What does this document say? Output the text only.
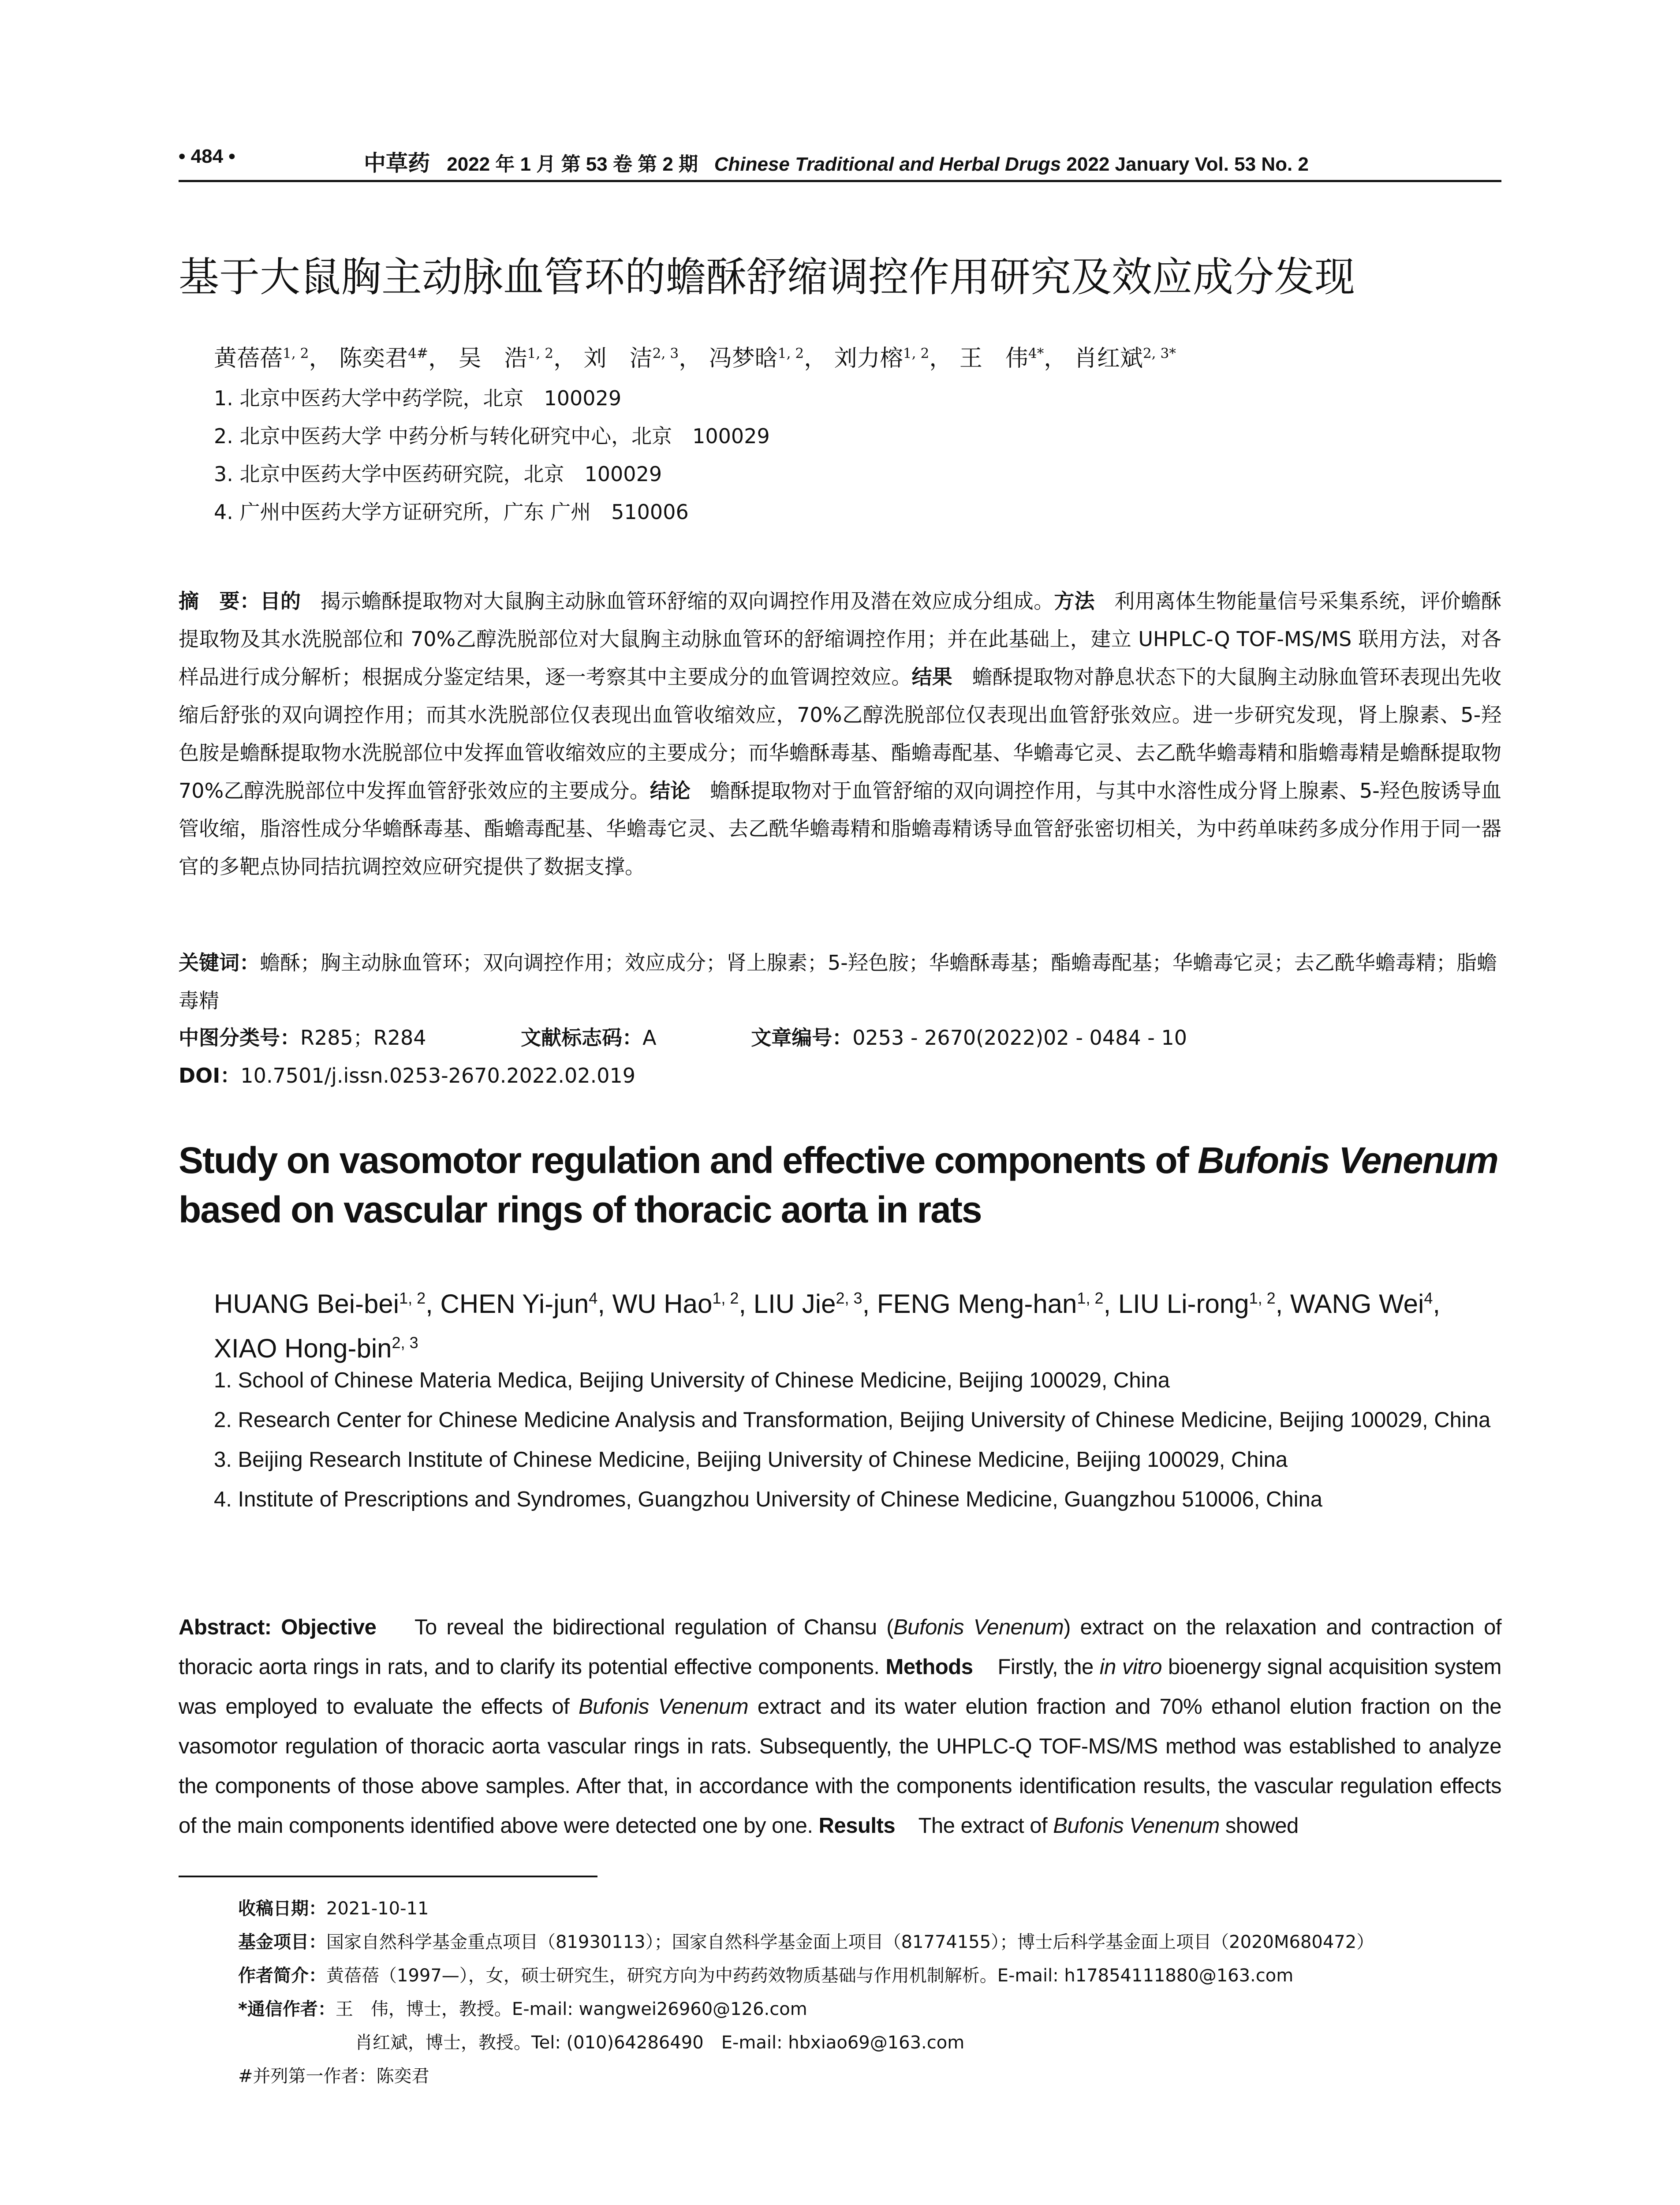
• 484 •	中草药 2022 年 1 月 第 53 卷 第 2 期 Chinese Traditional and Herbal Drugs 2022 January Vol. 53 No. 2
基于大鼠胸主动脉血管环的蟾酥舒缩调控作用研究及效应成分发现
黄蓓蓓$^{1, 2}$， 陈奕君$^{4\#}$， 吴　浩$^{1, 2}$， 刘　洁$^{2, 3}$， 冯梦晗$^{1, 2}$， 刘力榕$^{1, 2}$， 王　伟$^{4*}$， 肖红斌$^{2, 3*}$
1. 北京中医药大学中药学院，北京　100029
2. 北京中医药大学 中药分析与转化研究中心，北京　100029
3. 北京中医药大学中医药研究院，北京　100029
4. 广州中医药大学方证研究所，广东 广州　510006
摘　要：目的 揭示蟾酥提取物对大鼠胸主动脉血管环舒缩的双向调控作用及潜在效应成分组成。方法 利用离体生物能量信号采集系统，评价蟾酥提取物及其水洗脱部位和 70%乙醇洗脱部位对大鼠胸主动脉血管环的舒缩调控作用；并在此基础上，建立 UHPLC-Q TOF-MS/MS 联用方法，对各样品进行成分解析；根据成分鉴定结果，逐一考察其中主要成分的血管调控效应。结果 蟾酥提取物对静息状态下的大鼠胸主动脉血管环表现出先收缩后舒张的双向调控作用；而其水洗脱部位仅表现出血管收缩效应，70%乙醇洗脱部位仅表现出血管舒张效应。进一步研究发现，肾上腺素、5-羟色胺是蟾酥提取物水洗脱部位中发挥血管收缩效应的主要成分；而华蟾酥毒基、酯蟾毒配基、华蟾毒它灵、去乙酰华蟾毒精和脂蟾毒精是蟾酥提取物 70%乙醇洗脱部位中发挥血管舒张效应的主要成分。结论 蟾酥提取物对于血管舒缩的双向调控作用，与其中水溶性成分肾上腺素、5-羟色胺诱导血管收缩，脂溶性成分华蟾酥毒基、酯蟾毒配基、华蟾毒它灵、去乙酰华蟾毒精和脂蟾毒精诱导血管舒张密切相关，为中药单味药多成分作用于同一器官的多靶点协同拮抗调控效应研究提供了数据支撑。
关键词：蟾酥；胸主动脉血管环；双向调控作用；效应成分；肾上腺素；5-羟色胺；华蟾酥毒基；酯蟾毒配基；华蟾毒它灵；去乙酰华蟾毒精；脂蟾毒精
中图分类号：R285；R284	文献标志码：A	文章编号：0253 - 2670(2022)02 - 0484 - 10
DOI：10.7501/j.issn.0253-2670.2022.02.019
Study on vasomotor regulation and effective components of Bufonis Venenum based on vascular rings of thoracic aorta in rats
HUANG Bei-bei$^{1, 2}$, CHEN Yi-jun$^4$, WU Hao$^{1, 2}$, LIU Jie$^{2, 3}$, FENG Meng-han$^{1, 2}$, LIU Li-rong$^{1, 2}$, WANG Wei$^4$, XIAO Hong-bin$^{2, 3}$
1. School of Chinese Materia Medica, Beijing University of Chinese Medicine, Beijing 100029, China
2. Research Center for Chinese Medicine Analysis and Transformation, Beijing University of Chinese Medicine, Beijing 100029, China
3. Beijing Research Institute of Chinese Medicine, Beijing University of Chinese Medicine, Beijing 100029, China
4. Institute of Prescriptions and Syndromes, Guangzhou University of Chinese Medicine, Guangzhou 510006, China
Abstract: Objective To reveal the bidirectional regulation of Chansu (Bufonis Venenum) extract on the relaxation and contraction of thoracic aorta rings in rats, and to clarify its potential effective components. Methods Firstly, the in vitro bioenergy signal acquisition system was employed to evaluate the effects of Bufonis Venenum extract and its water elution fraction and 70% ethanol elution fraction on the vasomotor regulation of thoracic aorta vascular rings in rats. Subsequently, the UHPLC-Q TOF-MS/MS method was established to analyze the components of those above samples. After that, in accordance with the components identification results, the vascular regulation effects of the main components identified above were detected one by one. Results The extract of Bufonis Venenum showed
收稿日期：2021-10-11
基金项目：国家自然科学基金重点项目（81930113）；国家自然科学基金面上项目（81774155）；博士后科学基金面上项目（2020M680472）
作者简介：黄蓓蓓（1997—），女，硕士研究生，研究方向为中药药效物质基础与作用机制解析。E-mail: h17854111880@163.com
*通信作者：王　伟，博士，教授。E-mail: wangwei26960@126.com
肖红斌，博士，教授。Tel: (010)64286490　E-mail: hbxiao69@163.com
#并列第一作者：陈奕君
